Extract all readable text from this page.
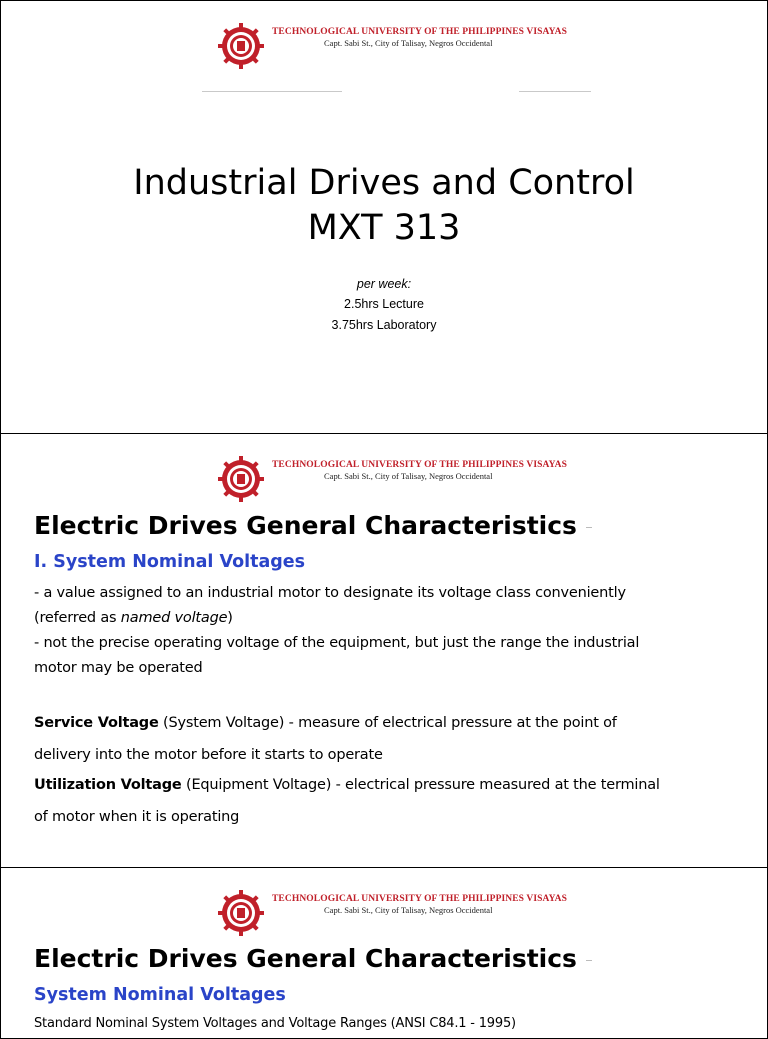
TECHNOLOGICAL UNIVERSITY OF THE PHILIPPINES VISAYAS
Capt. Sabi St., City of Talisay, Negros Occidental
Industrial Drives and Control
MXT 313
per week:
2.5hrs Lecture
3.75hrs Laboratory
TECHNOLOGICAL UNIVERSITY OF THE PHILIPPINES VISAYAS
Capt. Sabi St., City of Talisay, Negros Occidental
Electric Drives General Characteristics
I. System Nominal Voltages
- a value assigned to an industrial motor to designate its voltage class conveniently
(referred as named voltage)
- not the precise operating voltage of the equipment, but just the range the industrial
motor may be operated
Service Voltage (System Voltage) - measure of electrical pressure at the point of
delivery into the motor before it starts to operate
Utilization Voltage (Equipment Voltage) - electrical pressure measured at the terminal
of motor when it is operating
TECHNOLOGICAL UNIVERSITY OF THE PHILIPPINES VISAYAS
Capt. Sabi St., City of Talisay, Negros Occidental
Electric Drives General Characteristics
System Nominal Voltages
Standard Nominal System Voltages and Voltage Ranges (ANSI C84.1 - 1995)
